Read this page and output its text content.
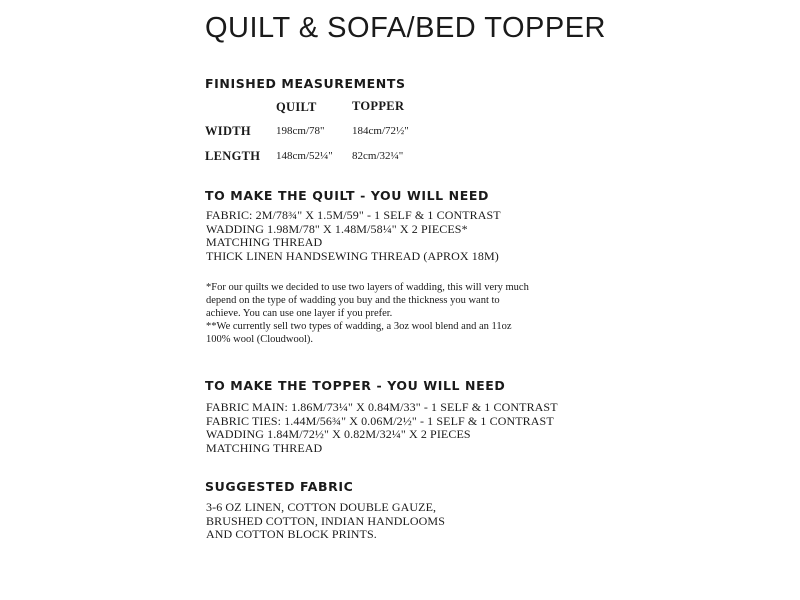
QUILT & SOFA/BED TOPPER
FINISHED MEASUREMENTS
QUILT	TOPPER
WIDTH 198cm/78"	184cm/72½"
LENGTH 148cm/52¼" 82cm/32¼"
TO MAKE THE QUILT - YOU WILL NEED
FABRIC: 2M/78¾" X 1.5M/59" - 1 SELF & 1 CONTRAST
WADDING 1.98M/78" X 1.48M/58¼" X 2 PIECES*
MATCHING THREAD
THICK LINEN HANDSEWING THREAD (APROX 18M)
*For our quilts we decided to use two layers of wadding, this will very much
depend on the type of wadding you buy and the thickness you want to
achieve. You can use one layer if you prefer.
**We currently sell two types of wadding, a 3oz wool blend and an 11oz
100% wool (Cloudwool).
TO MAKE THE TOPPER - YOU WILL NEED
FABRIC MAIN: 1.86M/73¼" X 0.84M/33" - 1 SELF & 1 CONTRAST
FABRIC TIES: 1.44M/56¾" X 0.06M/2½" - 1 SELF & 1 CONTRAST
WADDING 1.84M/72½" X 0.82M/32¼" X 2 PIECES
MATCHING THREAD
SUGGESTED FABRIC
3-6 OZ LINEN, COTTON DOUBLE GAUZE,
BRUSHED COTTON, INDIAN HANDLOOMS
AND COTTON BLOCK PRINTS.
